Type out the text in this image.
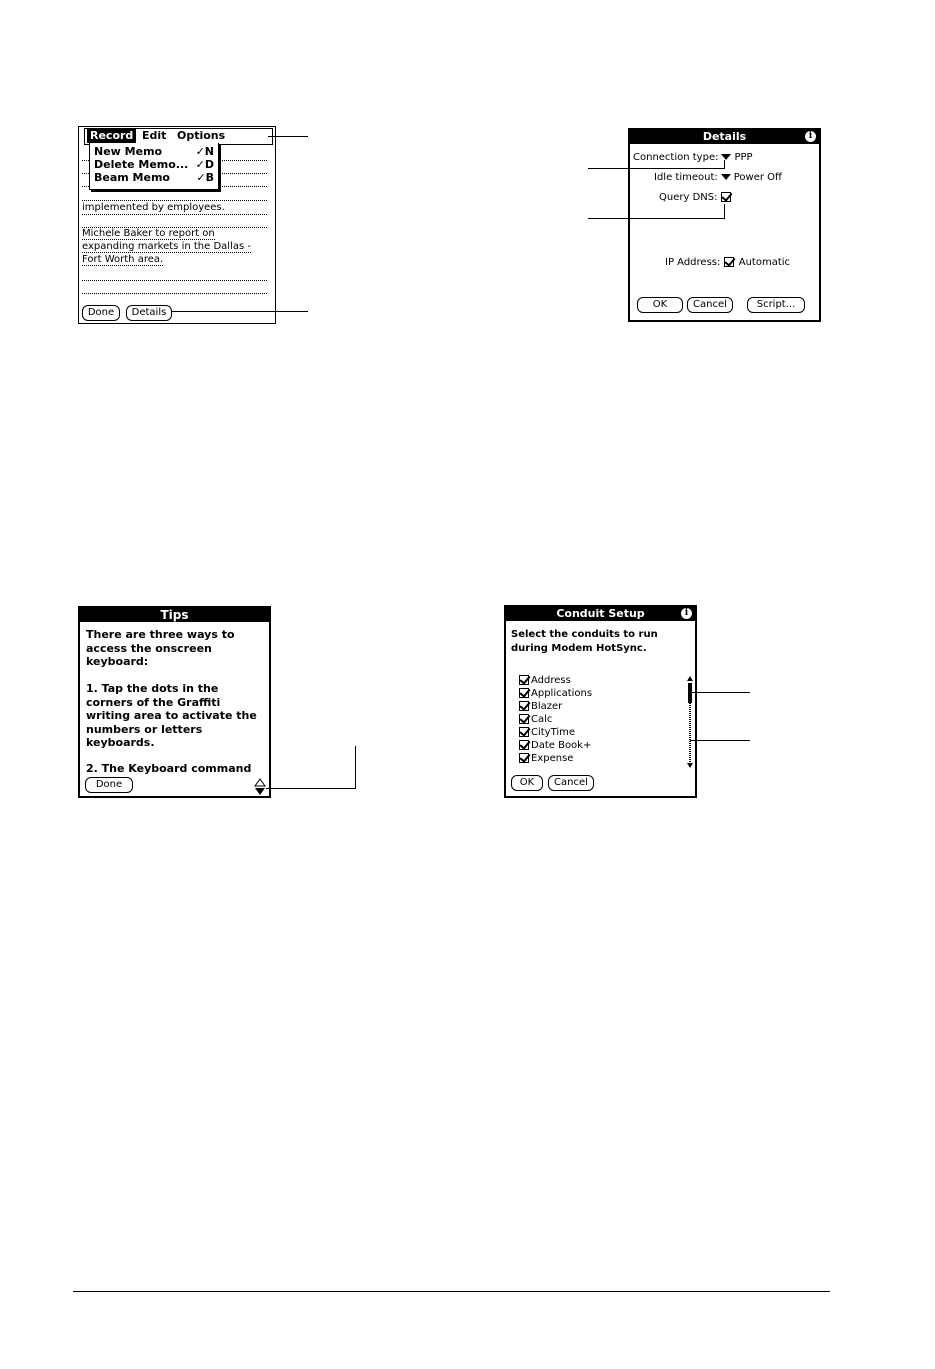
implemented by employees.
Michele Baker to report on
expanding markets in the Dallas -
Fort Worth area.
Record Edit Options
New Memo	✓N
Delete Memo... ✓D
Beam Memo ✓B
Done	Details
Details	i
Connection type: PPP
Idle timeout: Power Off
Query DNS:
IP Address: Automatic
OK	Cancel	Script...
Tips
There are three ways to access the onscreen keyboard:
1. Tap the dots in the corners of the Graffiti writing area to activate the numbers or letters keyboards.
2. The Keyboard command
Done
Conduit Setup	i
Select the conduits to run during Modem HotSync.
Address
Applications
Blazer
Calc
CityTime
Date Book+
Expense
OK	Cancel
